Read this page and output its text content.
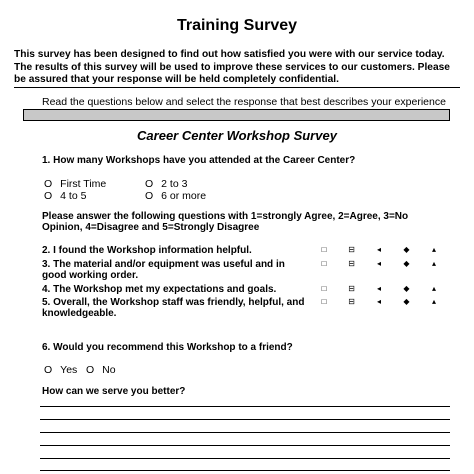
Training Survey
This survey has been designed to find out how satisfied you were with our service today. The results of this survey will be used to improve these services to our customers. Please be assured that your response will be held completely confidential.
Read the questions below and select the response that best describes your experience
Career Center Workshop Survey
1. How many Workshops have you attended at the Career Center?
O First Time	O 2 to 3
O 4 to 5	O 6 or more
Please answer the following questions with 1=strongly Agree, 2=Agree, 3=No Opinion, 4=Disagree and 5=Strongly Disagree
2. I found the Workshop information helpful.	□	⊟	◂	◆	▴
3. The material and/or equipment was useful and in good working order.
□	⊟	◂	◆	▴
4. The Workshop met my expectations and goals.	□	⊟	◂	◆	▴
5. Overall, the Workshop staff was friendly, helpful, and knowledgeable.
□	⊟	◂	◆	▴
6. Would you recommend this Workshop to a friend?
O Yes O No
How can we serve you better?
